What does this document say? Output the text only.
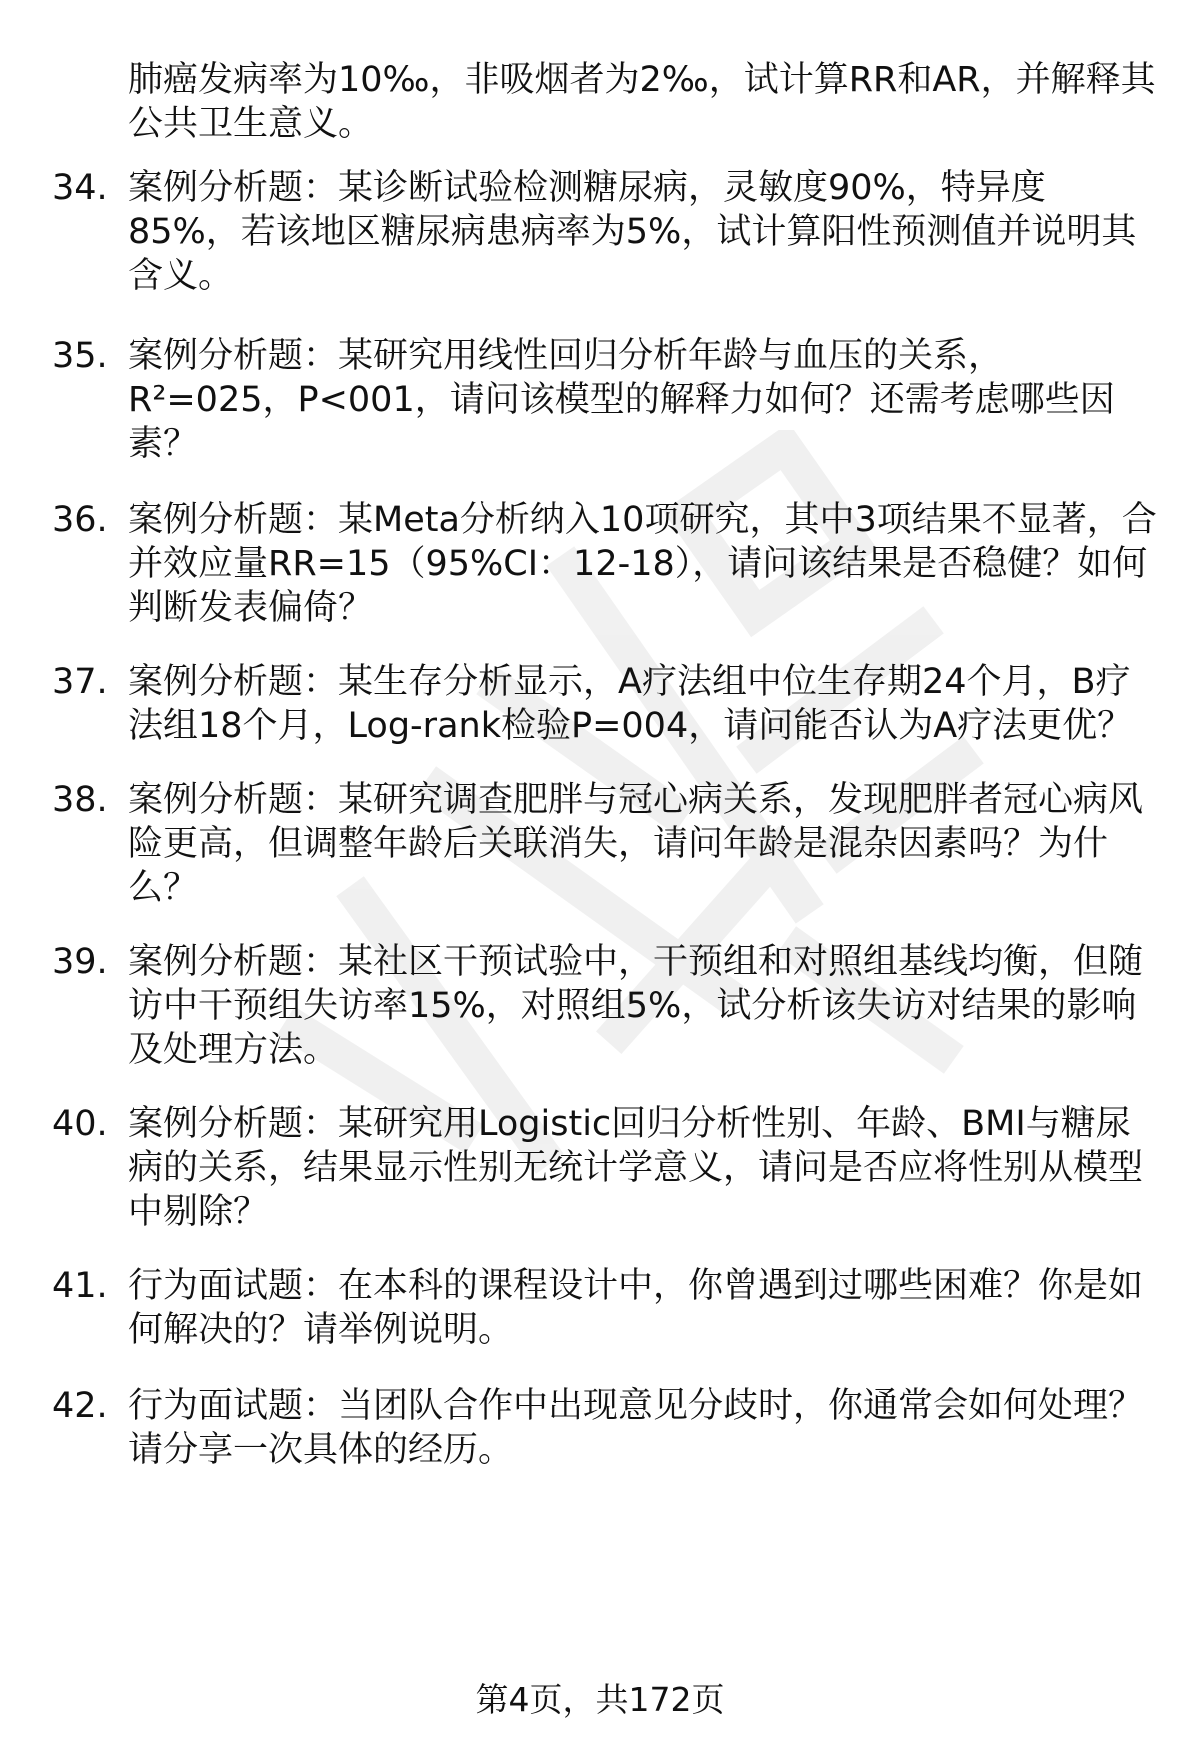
肺癌发病率为10‰，非吸烟者为2‰，试计算RR和AR，并解释其公共卫生意义。
34. 案例分析题：某诊断试验检测糖尿病，灵敏度90%，特异度85%，若该地区糖尿病患病率为5%，试计算阳性预测值并说明其含义。
35. 案例分析题：某研究用线性回归分析年龄与血压的关系，R²=025，P<001，请问该模型的解释力如何？还需考虑哪些因素？
36. 案例分析题：某Meta分析纳入10项研究，其中3项结果不显著，合并效应量RR=15（95%CI：12-18），请问该结果是否稳健？如何判断发表偏倚？
37. 案例分析题：某生存分析显示，A疗法组中位生存期24个月，B疗法组18个月，Log-rank检验P=004，请问能否认为A疗法更优？
38. 案例分析题：某研究调查肥胖与冠心病关系，发现肥胖者冠心病风险更高，但调整年龄后关联消失，请问年龄是混杂因素吗？为什么？
39. 案例分析题：某社区干预试验中，干预组和对照组基线均衡，但随访中干预组失访率15%，对照组5%，试分析该失访对结果的影响及处理方法。
40. 案例分析题：某研究用Logistic回归分析性别、年龄、BMI与糖尿病的关系，结果显示性别无统计学意义，请问是否应将性别从模型中剔除？
41. 行为面试题：在本科的课程设计中，你曾遇到过哪些困难？你是如何解决的？请举例说明。
42. 行为面试题：当团队合作中出现意见分歧时，你通常会如何处理？请分享一次具体的经历。
第4页，共172页
